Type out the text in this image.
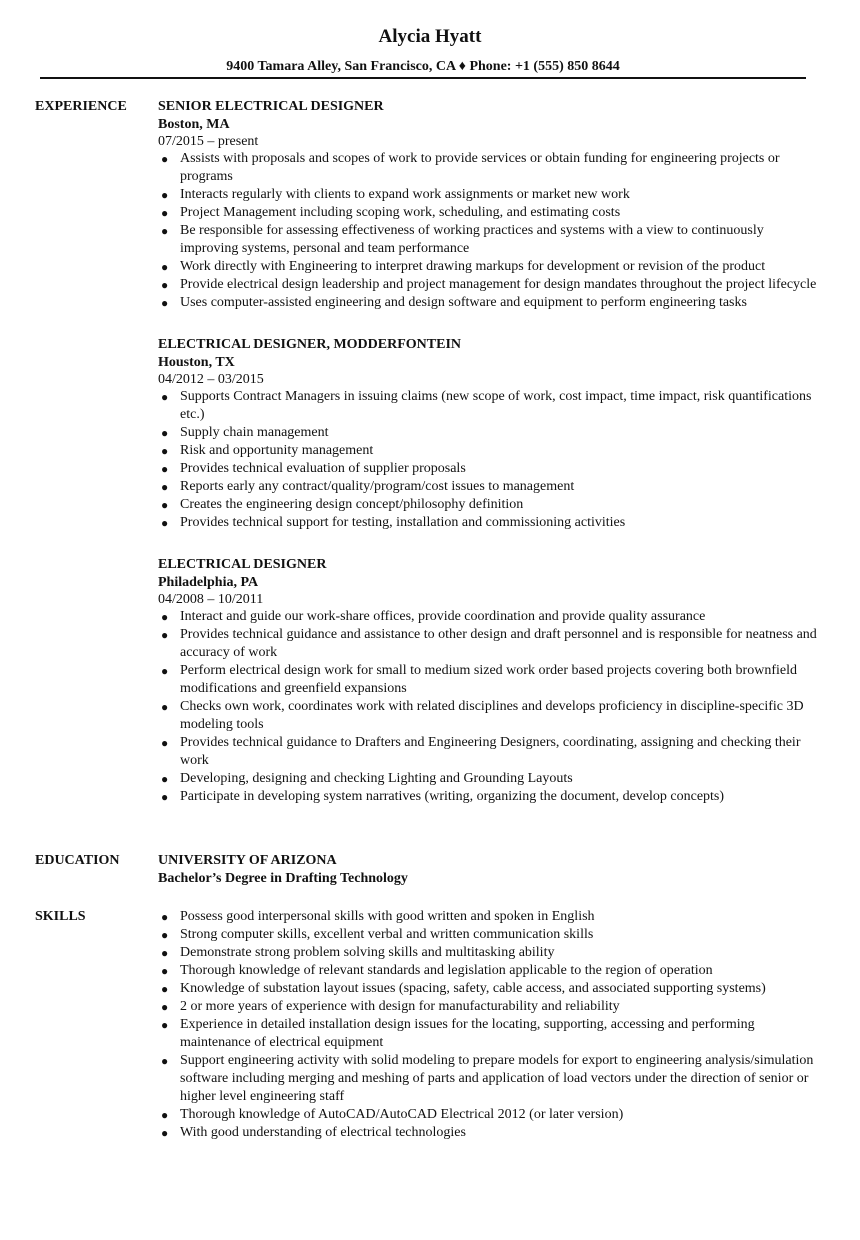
Alycia Hyatt
9400 Tamara Alley, San Francisco, CA ♦ Phone: +1 (555) 850 8644
EXPERIENCE SENIOR ELECTRICAL DESIGNER
Boston, MA
07/2015 – present
● Assists with proposals and scopes of work to provide services or obtain funding for engineering projects or programs
● Interacts regularly with clients to expand work assignments or market new work
● Project Management including scoping work, scheduling, and estimating costs
● Be responsible for assessing effectiveness of working practices and systems with a view to continuously improving systems, personal and team performance
● Work directly with Engineering to interpret drawing markups for development or revision of the product
● Provide electrical design leadership and project management for design mandates throughout the project lifecycle
● Uses computer-assisted engineering and design software and equipment to perform engineering tasks
ELECTRICAL DESIGNER, MODDERFONTEIN
Houston, TX
04/2012 – 03/2015
● Supports Contract Managers in issuing claims (new scope of work, cost impact, time impact, risk quantifications etc.)
● Supply chain management
● Risk and opportunity management
● Provides technical evaluation of supplier proposals
● Reports early any contract/quality/program/cost issues to management
● Creates the engineering design concept/philosophy definition
● Provides technical support for testing, installation and commissioning activities
ELECTRICAL DESIGNER
Philadelphia, PA
04/2008 – 10/2011
● Interact and guide our work-share offices, provide coordination and provide quality assurance
● Provides technical guidance and assistance to other design and draft personnel and is responsible for neatness and accuracy of work
● Perform electrical design work for small to medium sized work order based projects covering both brownfield modifications and greenfield expansions
● Checks own work, coordinates work with related disciplines and develops proficiency in discipline-specific 3D modeling tools
● Provides technical guidance to Drafters and Engineering Designers, coordinating, assigning and checking their work
● Developing, designing and checking Lighting and Grounding Layouts
● Participate in developing system narratives (writing, organizing the document, develop concepts)
EDUCATION	UNIVERSITY OF ARIZONA
Bachelor’s Degree in Drafting Technology
SKILLS	● Possess good interpersonal skills with good written and spoken in English
● Strong computer skills, excellent verbal and written communication skills
● Demonstrate strong problem solving skills and multitasking ability
● Thorough knowledge of relevant standards and legislation applicable to the region of operation
● Knowledge of substation layout issues (spacing, safety, cable access, and associated supporting systems)
● 2 or more years of experience with design for manufacturability and reliability
● Experience in detailed installation design issues for the locating, supporting, accessing and performing maintenance of electrical equipment
● Support engineering activity with solid modeling to prepare models for export to engineering analysis/simulation software including merging and meshing of parts and application of load vectors under the direction of senior or higher level engineering staff
● Thorough knowledge of AutoCAD/AutoCAD Electrical 2012 (or later version)
● With good understanding of electrical technologies
